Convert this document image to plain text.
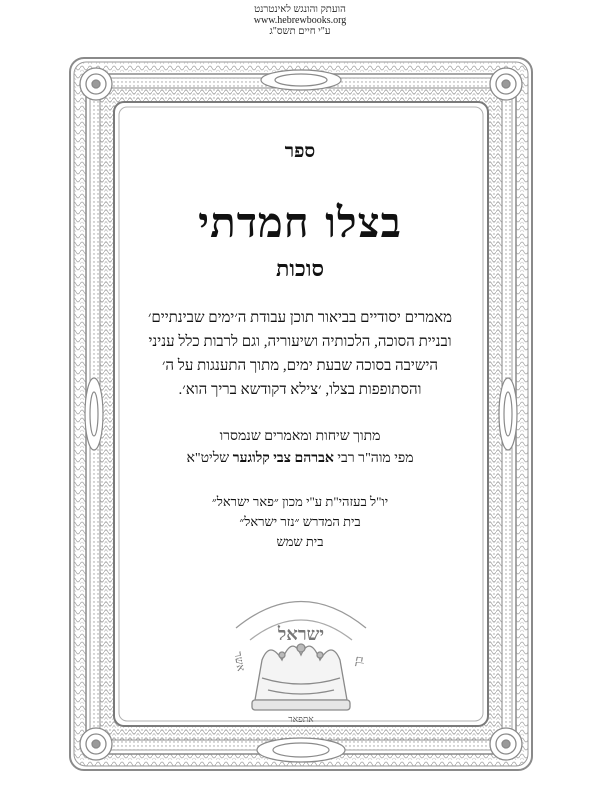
הועתק והונגש לאינטרנט
www.hebrewbooks.org
ע"י חיים תשס"ג
ישראל
אשר	בך
אתפאר
ספר
בצלו חמדתי
סוכות
מאמרים יסודיים בביאור תוכן עבודת ה׳ימים שבינתיים׳
ובניית הסוכה, הלכותיה ושיעוריה, וגם לרבות כלל עניני
הישיבה בסוכה שבעת ימים, מתוך התענגות על ה׳
והסתופפות בצלו, ׳צילא דקודשא בריך הוא׳.
מתוך שיחות ומאמרים שנמסרו
מפי מוה"ר רבי אברהם צבי קלוגער שליט"א
יו"ל בעזהי"ת ע"י מכון ״פאר ישראל״
בית המדרש ״נזר ישראל״
בית שמש
